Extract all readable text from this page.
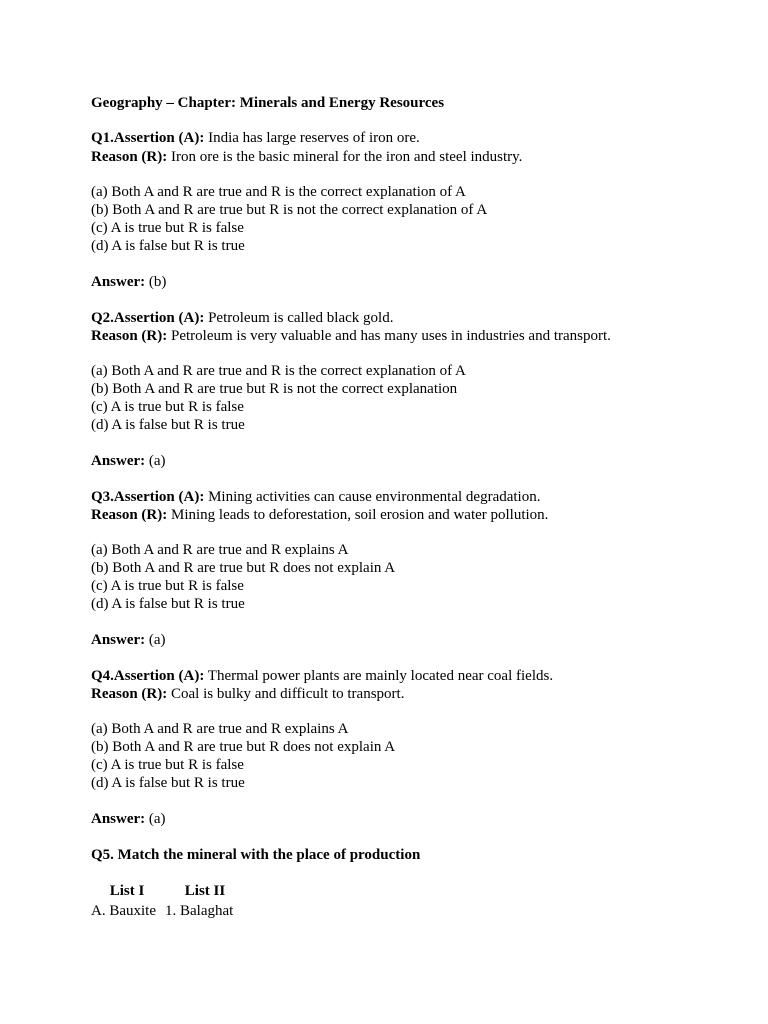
Geography – Chapter: Minerals and Energy Resources
Q1.Assertion (A): India has large reserves of iron ore.
Reason (R): Iron ore is the basic mineral for the iron and steel industry.
(a) Both A and R are true and R is the correct explanation of A
(b) Both A and R are true but R is not the correct explanation of A
(c) A is true but R is false
(d) A is false but R is true
Answer: (b)
Q2.Assertion (A): Petroleum is called black gold.
Reason (R): Petroleum is very valuable and has many uses in industries and transport.
(a) Both A and R are true and R is the correct explanation of A
(b) Both A and R are true but R is not the correct explanation
(c) A is true but R is false
(d) A is false but R is true
Answer: (a)
Q3.Assertion (A): Mining activities can cause environmental degradation.
Reason (R): Mining leads to deforestation, soil erosion and water pollution.
(a) Both A and R are true and R explains A
(b) Both A and R are true but R does not explain A
(c) A is true but R is false
(d) A is false but R is true
Answer: (a)
Q4.Assertion (A): Thermal power plants are mainly located near coal fields.
Reason (R): Coal is bulky and difficult to transport.
(a) Both A and R are true and R explains A
(b) Both A and R are true but R does not explain A
(c) A is true but R is false
(d) A is false but R is true
Answer: (a)
Q5. Match the mineral with the place of production
List I	List II
A. Bauxite	1. Balaghat
